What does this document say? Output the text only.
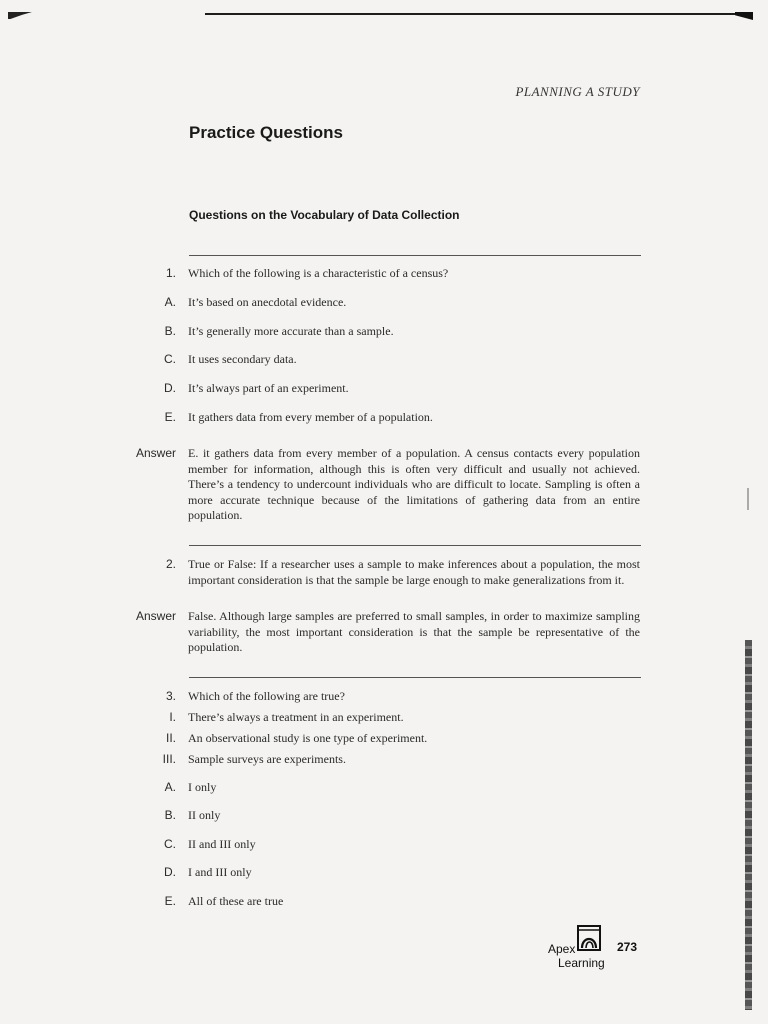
PLANNING A STUDY
Practice Questions
Questions on the Vocabulary of Data Collection
1. Which of the following is a characteristic of a census?
A. It’s based on anecdotal evidence.
B. It’s generally more accurate than a sample.
C. It uses secondary data.
D. It’s always part of an experiment.
E. It gathers data from every member of a population.
Answer E. it gathers data from every member of a population. A census contacts every population member for information, although this is often very difficult and usually not achieved. There’s a tendency to undercount individuals who are difficult to locate. Sampling is often a more accurate technique because of the limitations of gathering data from an entire population.
2. True or False: If a researcher uses a sample to make inferences about a population, the most important consideration is that the sample be large enough to make generalizations from it.
Answer False. Although large samples are preferred to small samples, in order to maximize sampling variability, the most important consideration is that the sample be representative of the population.
3. Which of the following are true?
I. There’s always a treatment in an experiment.
II. An observational study is one type of experiment.
III. Sample surveys are experiments.
A. I only
B. II only
C. II and III only
D. I and III only
E. All of these are true
Apex
Learning
273
